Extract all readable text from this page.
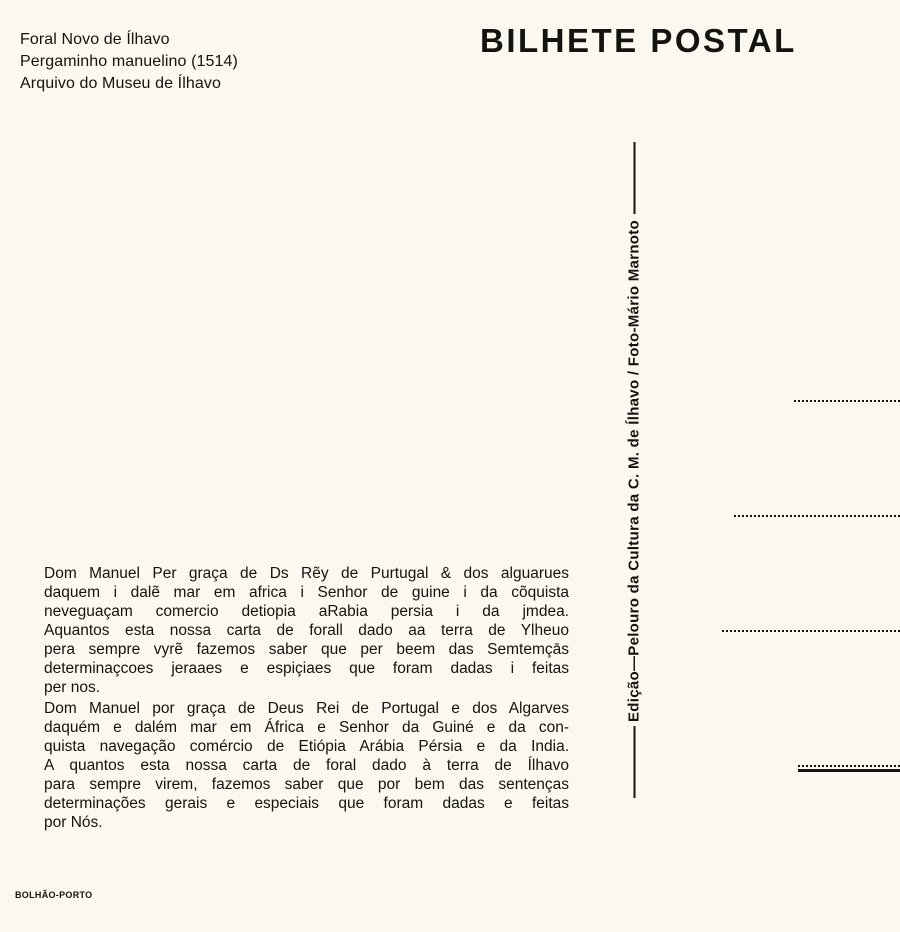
Foral Novo de Ílhavo
Pergaminho manuelino (1514)
Arquivo do Museu de Ílhavo
BILHETE POSTAL
Edição—Pelouro da Cultura da C. M. de Ílhavo / Foto-Mário Marnoto
Dom Manuel Per graça de Ds Rẽy de Purtugal & dos alguarues
daquem i dalẽ mar em africa i Senhor de guine i da cõquista
neveguaçam comercio detiopia aRabia persia i da jmdea.
Aquantos esta nossa carta de forall dado aa terra de Ylheuo
pera sempre vyrẽ fazemos saber que per beem das Semtemçās
determinaçcoes jeraaes e espiçiaes que foram dadas i feitas
per nos.
Dom Manuel por graça de Deus Rei de Portugal e dos Algarves
daquém e dalém mar em África e Senhor da Guiné e da con-
quista navegação comércio de Etiópia Arábia Pérsia e da India.
A quantos esta nossa carta de foral dado à terra de Ílhavo
para sempre virem, fazemos saber que por bem das sentenças
determinações gerais e especiais que foram dadas e feitas
por Nós.
BOLHÃO-PORTO
